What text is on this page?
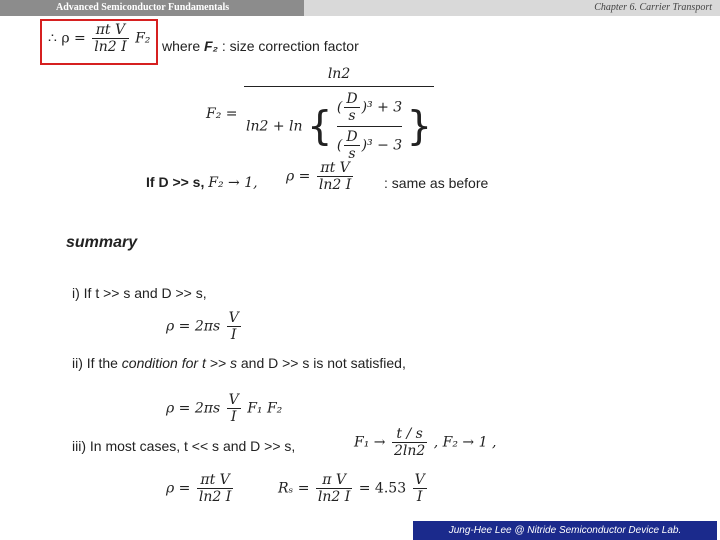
Advanced Semiconductor Fundamentals	Chapter 6. Carrier Transport
∴ $\rho = \frac{\text{πt V}}{\ln 2 I} F_2$ where F₂ : size correction factor
F₂ =
ln2
ln2 + ln { $\frac{( \frac{D}{s} )^3 + 3}{( \frac{D}{s} )^3 - 3}$ }
If D >> s, F₂ → 1, $\rho = \frac{\text{πt V}}{\ln 2 I}$ : same as before
summary
i) If t >> s and D >> s,
$\rho = 2\pi s \frac{V}{I}$
ii) If the condition for t >> s and D >> s is not satisfied,
$\rho = 2\pi s \frac{V}{I} F_1$ F₂
iii) In most cases, t << s and D >> s,	$F_1 \to \frac{t / s}{2\ln 2}$ , F₂ → 1 ,
$\rho = \frac{\text{πt V}}{\ln 2 I}$	$R_s = \frac{\text{π V}}{\ln 2 I} = 4.53 \frac{V}{I}$
Jung-Hee Lee @ Nitride Semiconductor Device Lab.
